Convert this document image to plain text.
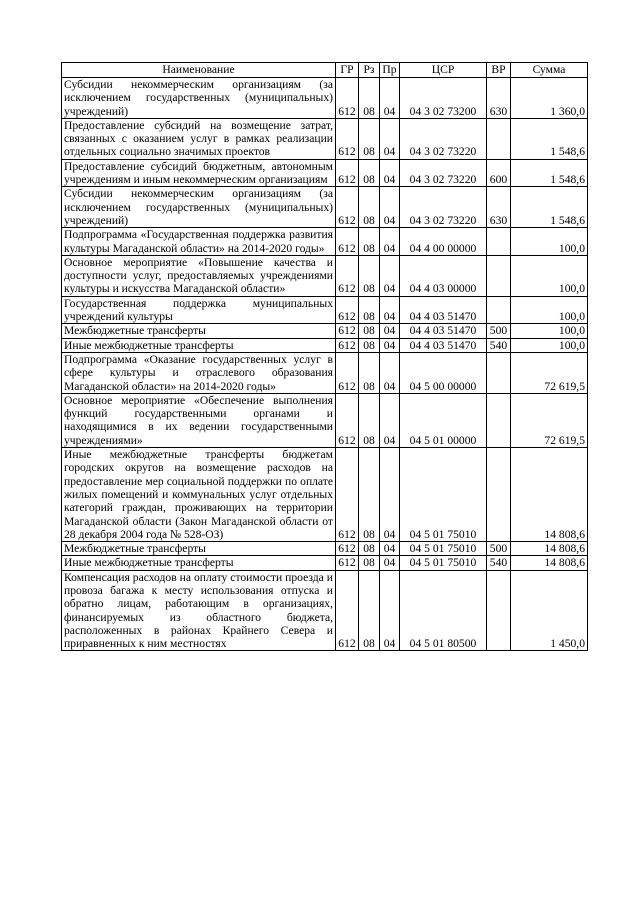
Наименование	ГР	Рз	Пр	ЦСР	ВР	Сумма
Субсидии некоммерческим организациям (за исключением государственных (муниципальных) учреждений)	612	08	04	04 3 02 73200	630	1 360,0
Предоставление субсидий на возмещение затрат, связанных с оказанием услуг в рамках реализации отдельных социально значимых проектов	612	08	04	04 3 02 73220		1 548,6
Предоставление субсидий бюджетным, автономным учреждениям и иным некоммерческим организациям	612	08	04	04 3 02 73220	600	1 548,6
Субсидии некоммерческим организациям (за исключением государственных (муниципальных) учреждений)	612	08	04	04 3 02 73220	630	1 548,6
Подпрограмма «Государственная поддержка развития культуры Магаданской области» на 2014-2020 годы»	612	08	04	04 4 00 00000		100,0
Основное мероприятие «Повышение качества и доступности услуг, предоставляемых учреждениями культуры и искусства Магаданской области»	612	08	04	04 4 03 00000		100,0
Государственная поддержка муниципальных учреждений культуры	612	08	04	04 4 03 51470		100,0
Межбюджетные трансферты	612	08	04	04 4 03 51470	500	100,0
Иные межбюджетные трансферты	612	08	04	04 4 03 51470	540	100,0
Подпрограмма «Оказание государственных услуг в сфере культуры и отраслевого образования Магаданской области» на 2014-2020 годы»	612	08	04	04 5 00 00000		72 619,5
Основное мероприятие «Обеспечение выполнения функций государственными органами и находящимися в их ведении государственными учреждениями»	612	08	04	04 5 01 00000		72 619,5
Иные межбюджетные трансферты бюджетам городских округов на возмещение расходов на предоставление мер социальной поддержки по оплате жилых помещений и коммунальных услуг отдельных категорий граждан, проживающих на территории Магаданской области (Закон Магаданской области от 28 декабря 2004 года № 528-ОЗ)	612	08	04	04 5 01 75010		14 808,6
Межбюджетные трансферты	612	08	04	04 5 01 75010	500	14 808,6
Иные межбюджетные трансферты	612	08	04	04 5 01 75010	540	14 808,6
Компенсация расходов на оплату стоимости проезда и провоза багажа к месту использования отпуска и обратно лицам, работающим в организациях, финансируемых из областного бюджета, расположенных в районах Крайнего Севера и приравненных к ним местностях	612	08	04	04 5 01 80500		1 450,0
